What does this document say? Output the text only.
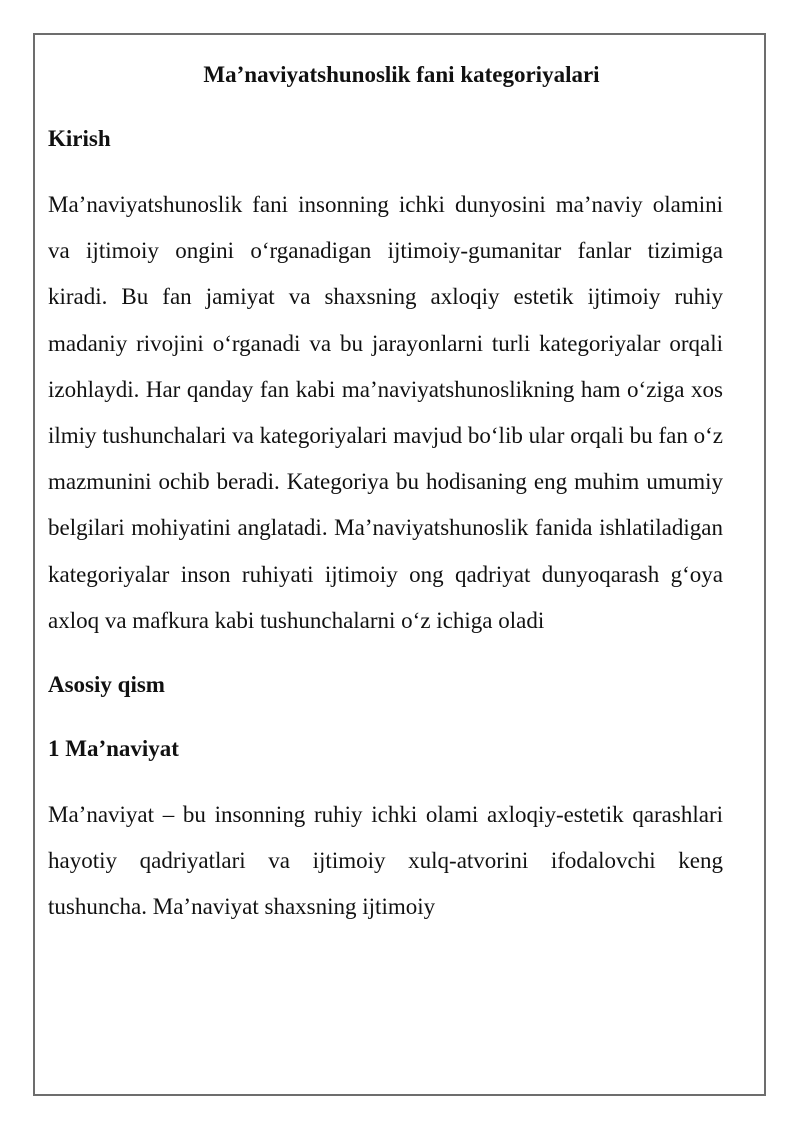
Ma’naviyatshunoslik fani kategoriyalari
Kirish

Ma’naviyatshunoslik fani insonning ichki dunyosini ma’naviy olamini va ijtimoiy ongini o‘rganadigan ijtimoiy-gumanitar fanlar tizimiga kiradi. Bu fan jamiyat va shaxsning axloqiy estetik ijtimoiy ruhiy madaniy rivojini o‘rganadi va bu jarayonlarni turli kategoriyalar orqali izohlaydi. Har qanday fan kabi ma’naviyatshunoslikning ham o‘ziga xos ilmiy tushunchalari va kategoriyalari mavjud bo‘lib ular orqali bu fan o‘z mazmunini ochib beradi. Kategoriya bu hodisaning eng muhim umumiy belgilari mohiyatini anglatadi. Ma’naviyatshunoslik fanida ishlatiladigan kategoriyalar inson ruhiyati ijtimoiy ong qadriyat dunyoqarash g‘oya axloq va mafkura kabi tushunchalarni o‘z ichiga oladi

Asosiy qism
1 Ma’naviyat

Ma’naviyat – bu insonning ruhiy ichki olami axloqiy-estetik qarashlari hayotiy qadriyatlari va ijtimoiy xulq-atvorini ifodalovchi keng tushuncha. Ma’naviyat shaxsning ijtimoiy
